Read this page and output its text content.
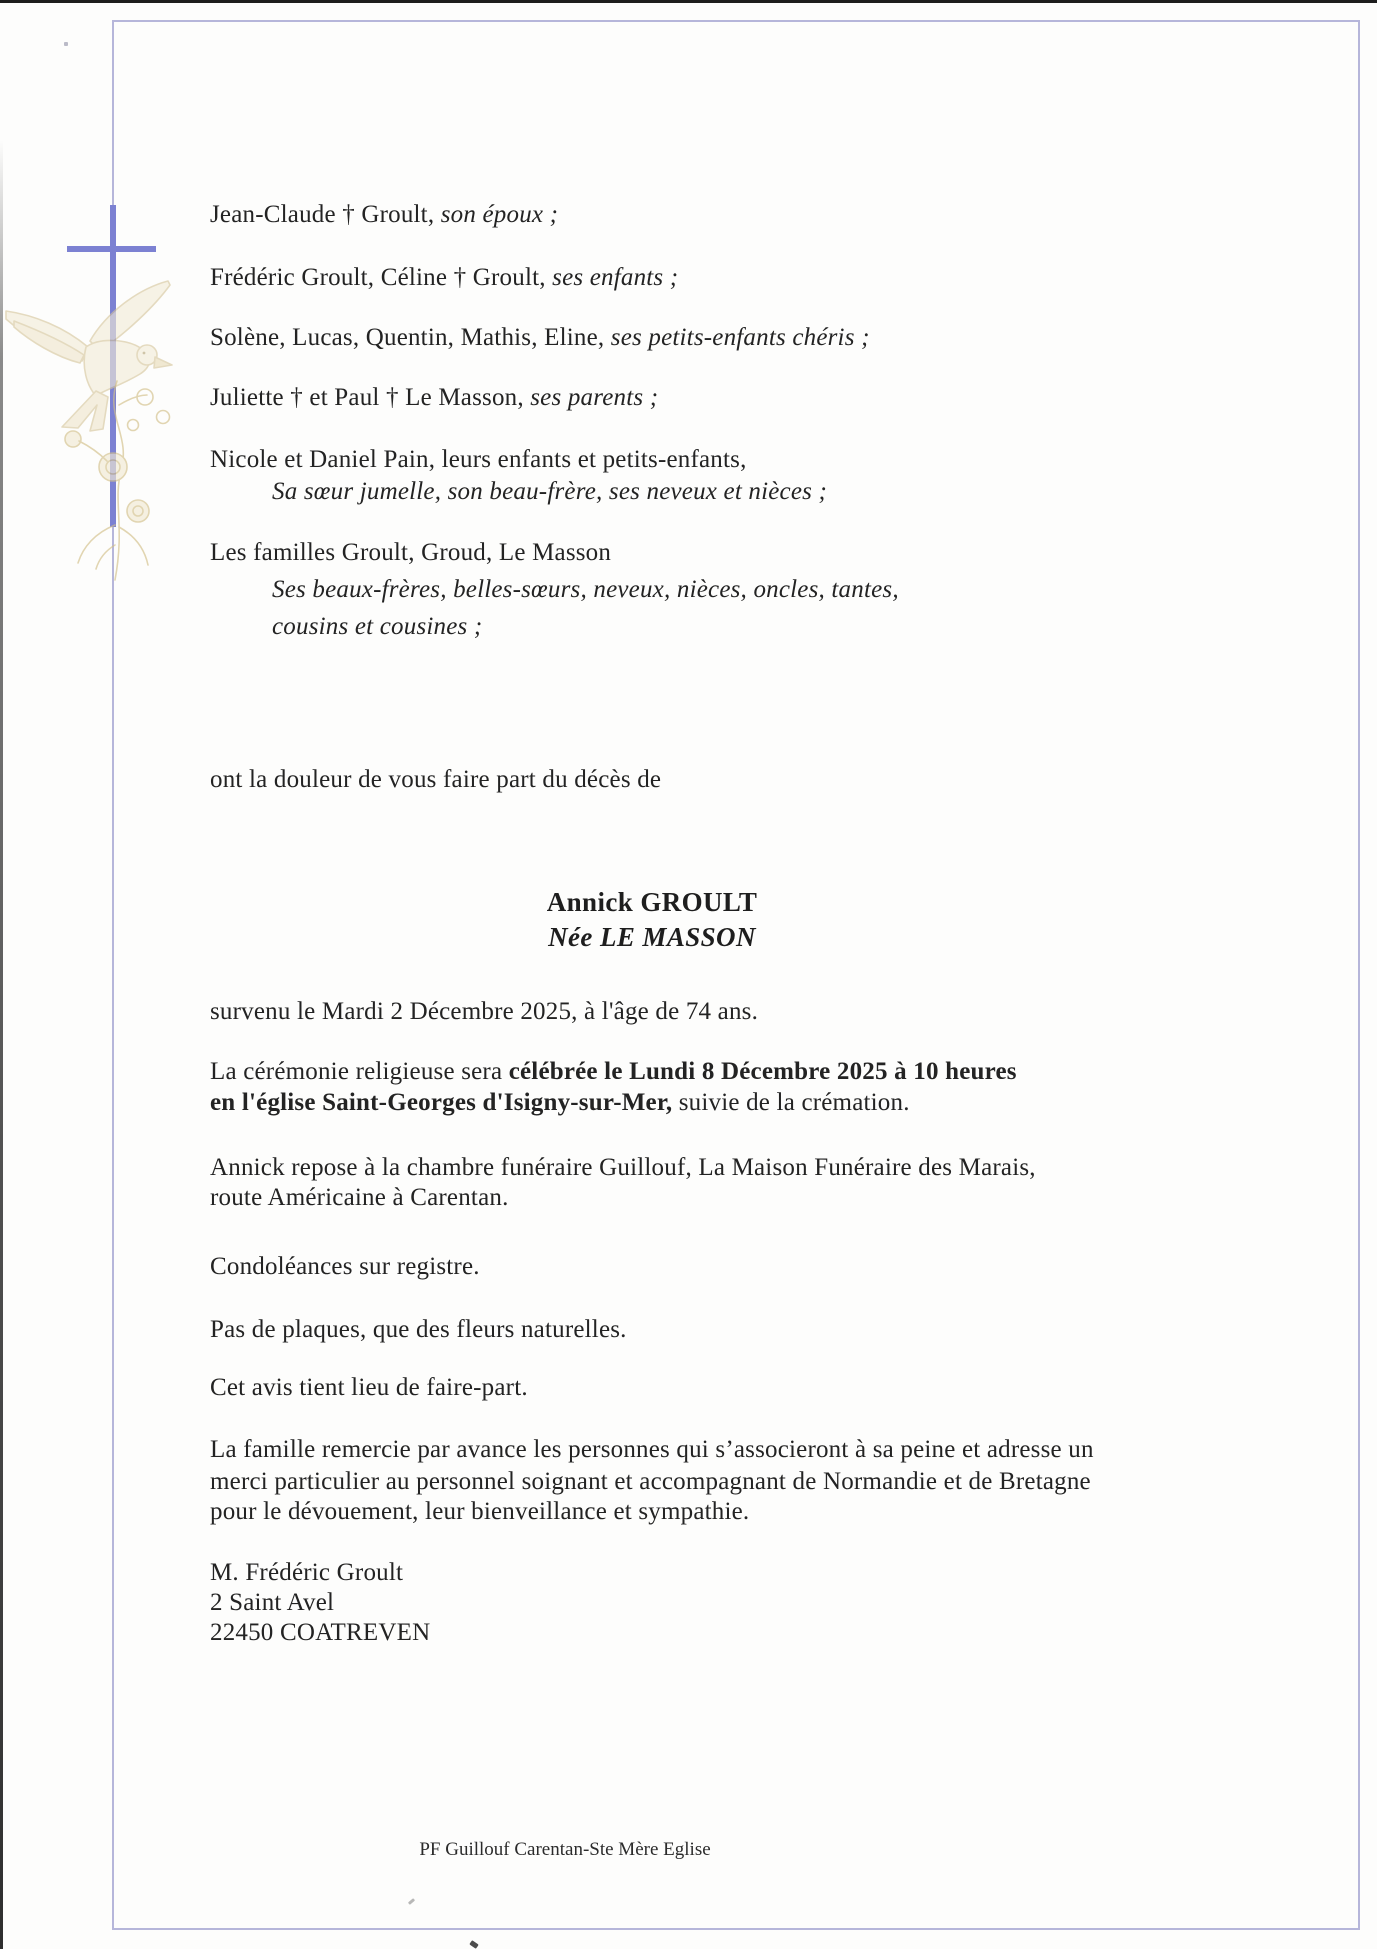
Jean-Claude † Groult, son époux ;
Frédéric Groult, Céline † Groult, ses enfants ;
Solène, Lucas, Quentin, Mathis, Eline, ses petits-enfants chéris ;
Juliette † et Paul † Le Masson, ses parents ;
Nicole et Daniel Pain, leurs enfants et petits-enfants,
Sa sœur jumelle, son beau-frère, ses neveux et nièces ;
Les familles Groult, Groud, Le Masson
Ses beaux-frères, belles-sœurs, neveux, nièces, oncles, tantes,
cousins et cousines ;
ont la douleur de vous faire part du décès de
Annick GROULT
Née LE MASSON
survenu le Mardi 2 Décembre 2025, à l'âge de 74 ans.
La cérémonie religieuse sera célébrée le Lundi 8 Décembre 2025 à 10 heures
en l'église Saint-Georges d'Isigny-sur-Mer, suivie de la crémation.
Annick repose à la chambre funéraire Guillouf, La Maison Funéraire des Marais,
route Américaine à Carentan.
Condoléances sur registre.
Pas de plaques, que des fleurs naturelles.
Cet avis tient lieu de faire-part.
La famille remercie par avance les personnes qui s’associeront à sa peine et adresse un
merci particulier au personnel soignant et accompagnant de Normandie et de Bretagne
pour le dévouement, leur bienveillance et sympathie.
M. Frédéric Groult
2 Saint Avel
22450 COATREVEN
PF Guillouf Carentan-Ste Mère Eglise
